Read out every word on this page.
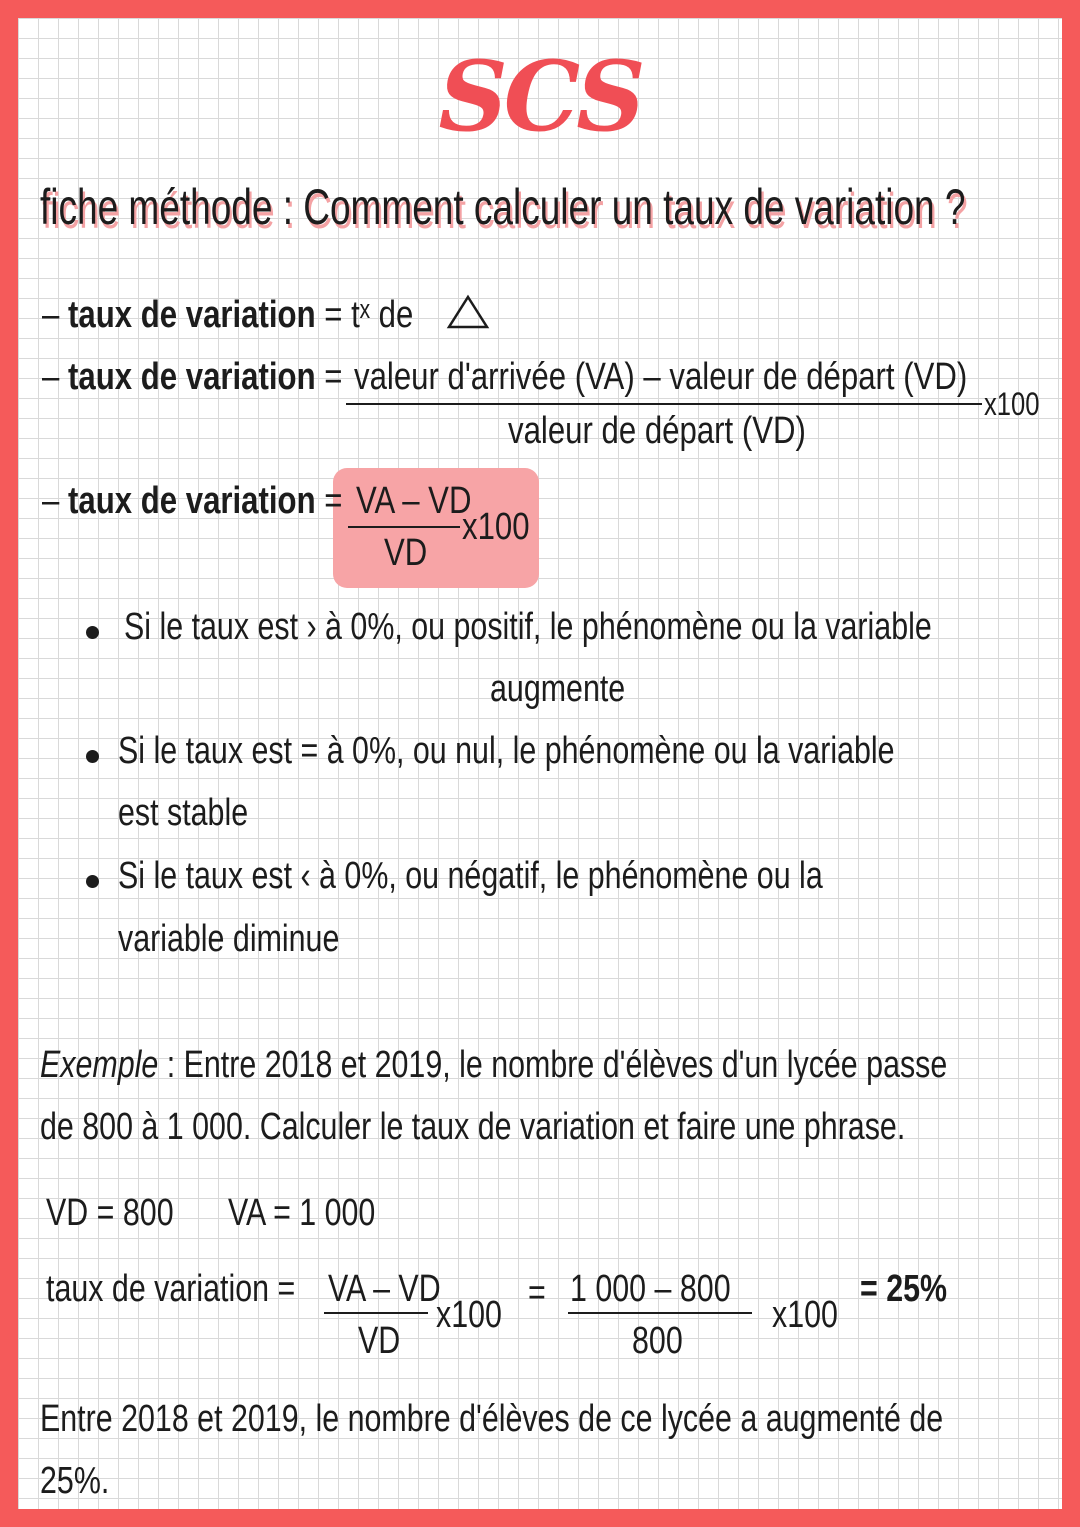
SCS
fiche méthode : Comment calculer un taux de variation ?
– taux de variation = tˣ de
– taux de variation = valeur d'arrivée (VA) – valeur de départ (VD)
valeur de départ (VD)
x100
– taux de variation = VA – VD
VD
x100
Si le taux est › à 0%, ou positif, le phénomène ou la variable
augmente
Si le taux est = à 0%, ou nul, le phénomène ou la variable
est stable
Si le taux est ‹ à 0%, ou négatif, le phénomène ou la
variable diminue
Exemple : Entre 2018 et 2019, le nombre d'élèves d'un lycée passe
de 800 à 1 000. Calculer le taux de variation et faire une phrase.
VD = 800 VA = 1 000
taux de variation = VA – VD
VD
x100
= 1 000 – 800
800
x100
= 25%
Entre 2018 et 2019, le nombre d'élèves de ce lycée a augmenté de
25%.
